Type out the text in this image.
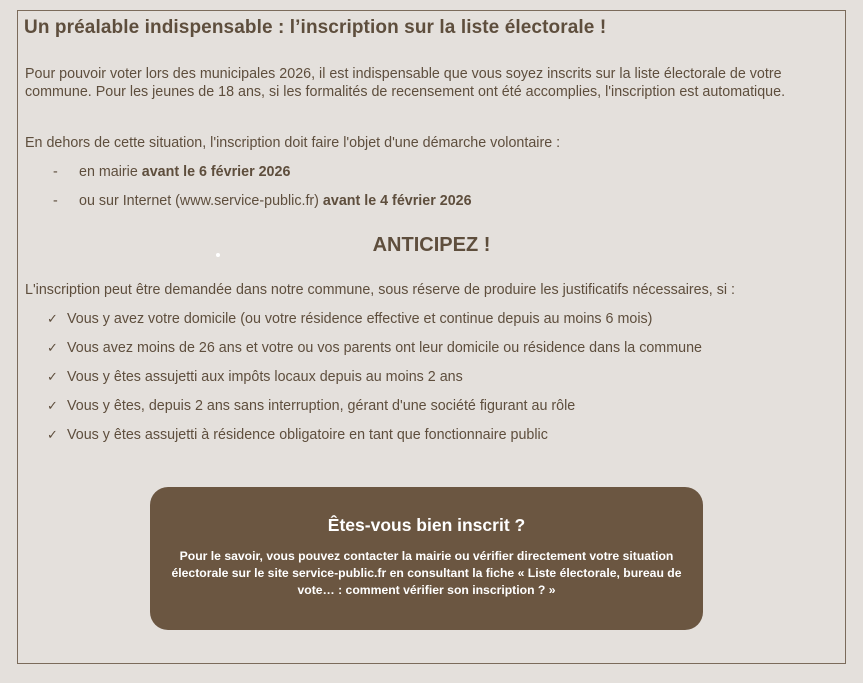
Un préalable indispensable : l’inscription sur la liste électorale !

Pour pouvoir voter lors des municipales 2026, il est indispensable que vous soyez inscrits sur la liste électorale de votre commune. Pour les jeunes de 18 ans, si les formalités de recensement ont été accomplies, l'inscription est automatique.

En dehors de cette situation, l'inscription doit faire l'objet d'une démarche volontaire :

- en mairie avant le 6 février 2026
- ou sur Internet (www.service-public.fr) avant le 4 février 2026
ANTICIPEZ !

L'inscription peut être demandée dans notre commune, sous réserve de produire les justificatifs nécessaires, si :

✓ Vous y avez votre domicile (ou votre résidence effective et continue depuis au moins 6 mois)
✓ Vous avez moins de 26 ans et votre ou vos parents ont leur domicile ou résidence dans la commune
✓ Vous y êtes assujetti aux impôts locaux depuis au moins 2 ans
✓ Vous y êtes, depuis 2 ans sans interruption, gérant d'une société figurant au rôle
✓ Vous y êtes assujetti à résidence obligatoire en tant que fonctionnaire public

Êtes-vous bien inscrit ?

Pour le savoir, vous pouvez contacter la mairie ou vérifier directement votre situation électorale sur le site service-public.fr en consultant la fiche « Liste électorale, bureau de vote… : comment vérifier son inscription ? »
